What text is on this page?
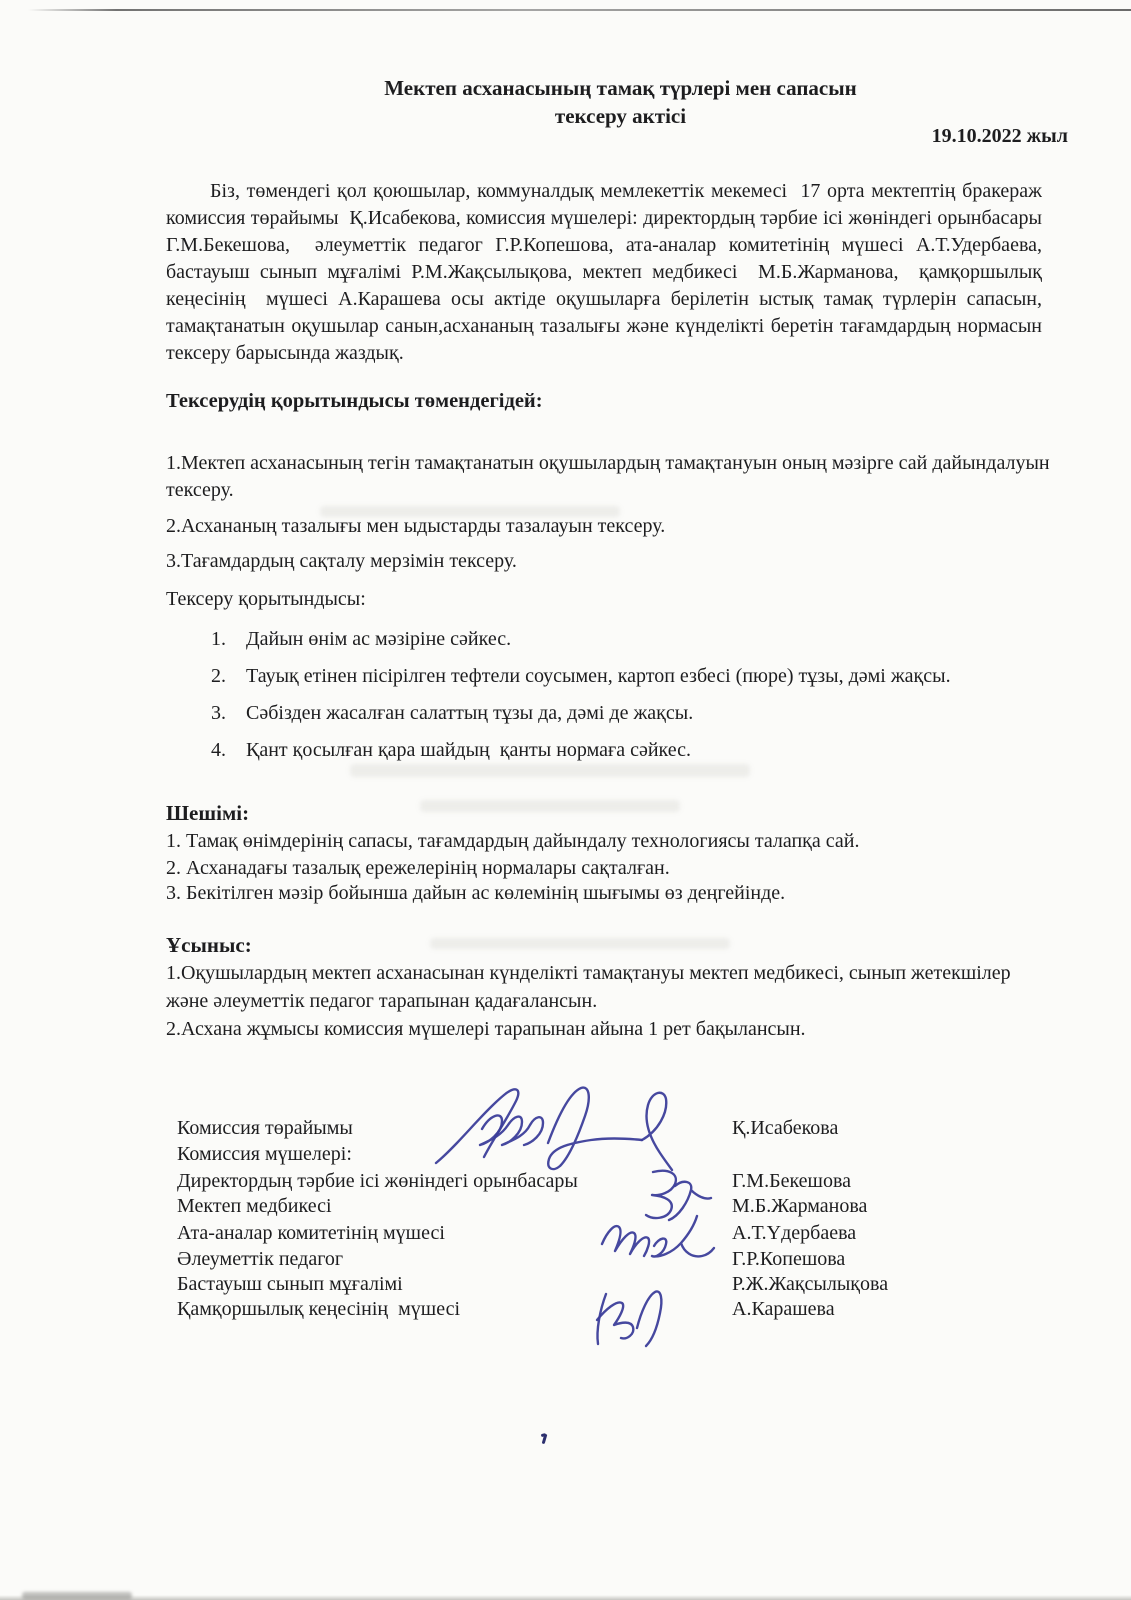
Мектеп асханасының тамақ түрлері мен сапасын
тексеру актісі
19.10.2022 жыл
Біз, төмендегі қол қоюшылар, коммуналдық мемлекеттік мекемесі  17 орта мектептің бракераж комиссия төрайымы  Қ.Исабекова, комиссия мүшелері: директордың тәрбие ісі жөніндегі орынбасары  Г.М.Бекешова,  әлеуметтік педагог Г.Р.Копешова, ата-аналар комитетінің мүшесі А.Т.Удербаева, бастауыш сынып мұғалімі Р.М.Жақсылықова, мектеп медбикесі  М.Б.Жарманова,  қамқоршылық кеңесінің  мүшесі А.Карашева осы актіде оқушыларға берілетін ыстық тамақ түрлерін сапасын, тамақтанатын оқушылар санын,асхананың тазалығы және күнделікті беретін тағамдардың нормасын тексеру барысында жаздық.
Тексерудің қорытындысы төмендегідей:
1.Мектеп асханасының тегін тамақтанатын оқушылардың тамақтануын оның мәзірге сай дайындалуын тексеру.
2.Асхананың тазалығы мен ыдыстарды тазалауын тексеру.
3.Тағамдардың сақталу мерзімін тексеру.
Тексеру қорытындысы:
1.	Дайын өнім ас мәзіріне сәйкес.
2.	Тауық етінен пісірілген тефтели соусымен, картоп езбесі (пюре) тұзы, дәмі жақсы.
3.	Сәбізден жасалған салаттың тұзы да, дәмі де жақсы.
4.	Қант қосылған қара шайдың  қанты нормаға сәйкес.
Шешімі:
1. Тамақ өнімдерінің сапасы, тағамдардың дайындалу технологиясы талапқа сай.
2. Асханадағы тазалық ережелерінің нормалары сақталған.
3. Бекітілген мәзір бойынша дайын ас көлемінің шығымы өз деңгейінде.
Ұсыныс:
1.Оқушылардың мектеп асханасынан күнделікті тамақтануы мектеп медбикесі, сынып жетекшілер және әлеуметтік педагог тарапынан қадағалансын.
2.Асхана жұмысы комиссия мүшелері тарапынан айына 1 рет бақылансын.
Комиссия төрайымы	Қ.Исабекова
Комиссия мүшелері:
Директордың тәрбие ісі жөніндегі орынбасары	Г.М.Бекешова
Мектеп медбикесі	М.Б.Жарманова
Ата-аналар комитетінің мүшесі	А.Т.Үдербаева
Әлеуметтік педагог	Г.Р.Копешова
Бастауыш сынып мұғалімі	Р.Ж.Жақсылықова
Қамқоршылық кеңесінің  мүшесі	А.Карашева
